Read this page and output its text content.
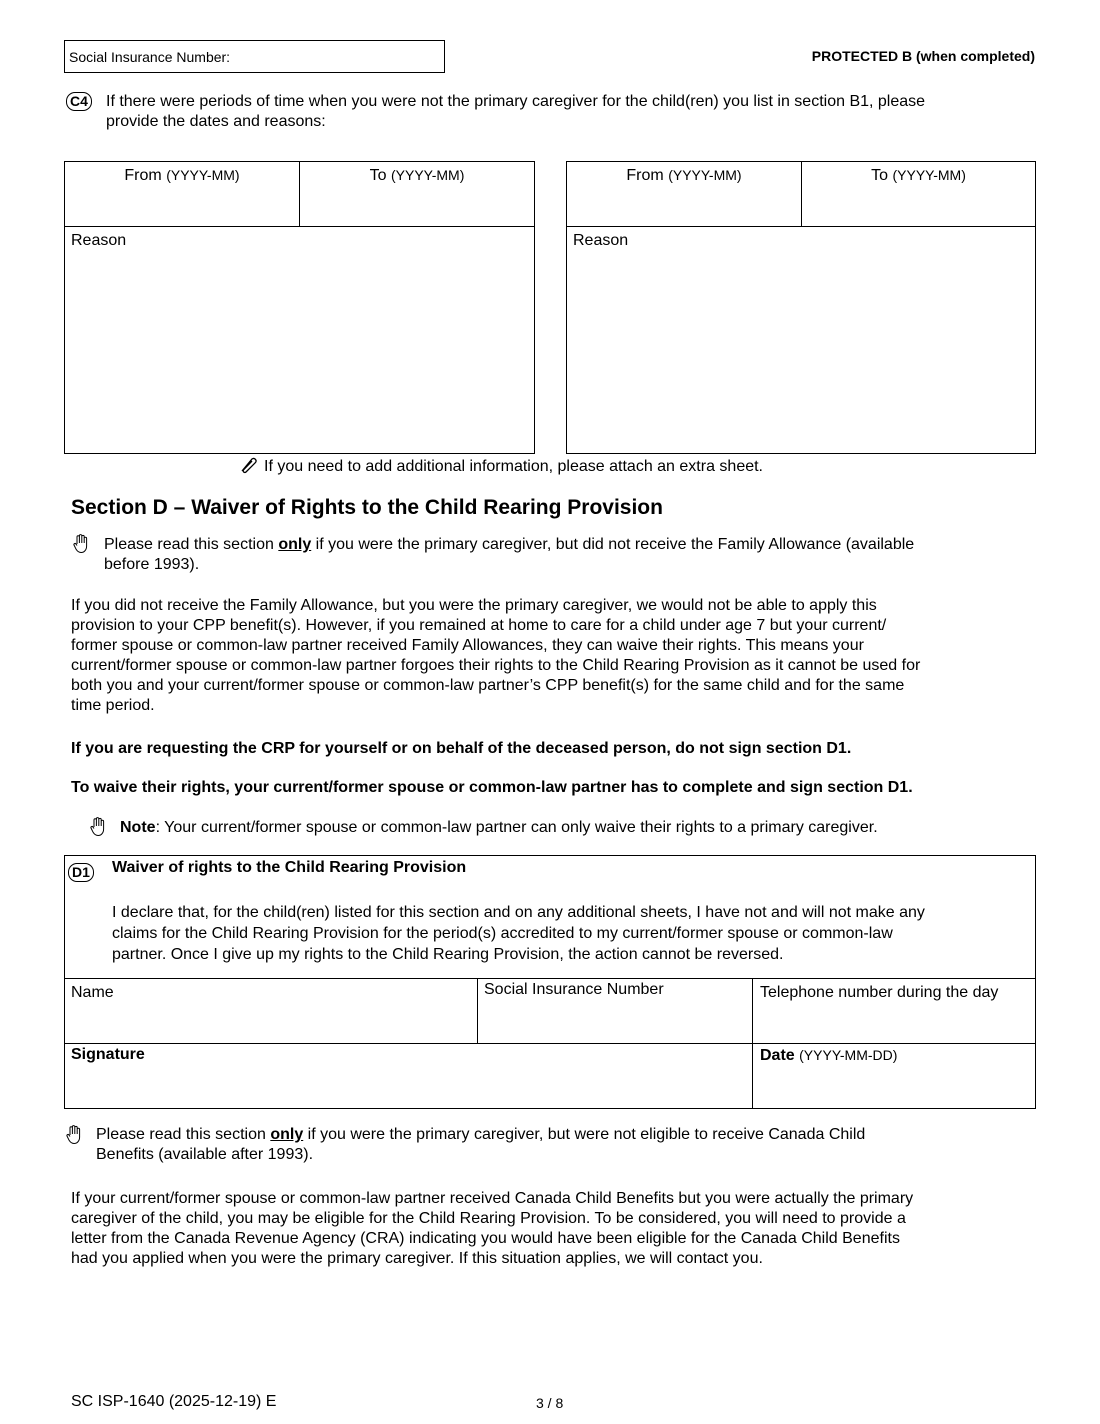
Social Insurance Number:	PROTECTED B (when completed)
C4 If there were periods of time when you were not the primary caregiver for the child(ren) you list in section B1, please
provide the dates and reasons:
From (YYYY-MM)	To (YYYY-MM)
Reason
From (YYYY-MM)	To (YYYY-MM)
Reason
If you need to add additional information, please attach an extra sheet.
Section D – Waiver of Rights to the Child Rearing Provision
Please read this section only if you were the primary caregiver, but did not receive the Family Allowance (available
before 1993).
If you did not receive the Family Allowance, but you were the primary caregiver, we would not be able to apply this
provision to your CPP benefit(s). However, if you remained at home to care for a child under age 7 but your current/
former spouse or common-law partner received Family Allowances, they can waive their rights. This means your
current/former spouse or common-law partner forgoes their rights to the Child Rearing Provision as it cannot be used for
both you and your current/former spouse or common-law partner’s CPP benefit(s) for the same child and for the same
time period.
If you are requesting the CRP for yourself or on behalf of the deceased person, do not sign section D1.
To waive their rights, your current/former spouse or common-law partner has to complete and sign section D1.
Note: Your current/former spouse or common-law partner can only waive their rights to a primary caregiver.
D1 Waiver of rights to the Child Rearing Provision
I declare that, for the child(ren) listed for this section and on any additional sheets, I have not and will not make any
claims for the Child Rearing Provision for the period(s) accredited to my current/former spouse or common-law
partner. Once I give up my rights to the Child Rearing Provision, the action cannot be reversed.
Name	Social Insurance Number	Telephone number during the day
Signature	Date (YYYY-MM-DD)
Please read this section only if you were the primary caregiver, but were not eligible to receive Canada Child
Benefits (available after 1993).
If your current/former spouse or common-law partner received Canada Child Benefits but you were actually the primary
caregiver of the child, you may be eligible for the Child Rearing Provision. To be considered, you will need to provide a
letter from the Canada Revenue Agency (CRA) indicating you would have been eligible for the Canada Child Benefits
had you applied when you were the primary caregiver. If this situation applies, we will contact you.
SC ISP-1640 (2025-12-19) E	3 / 8
